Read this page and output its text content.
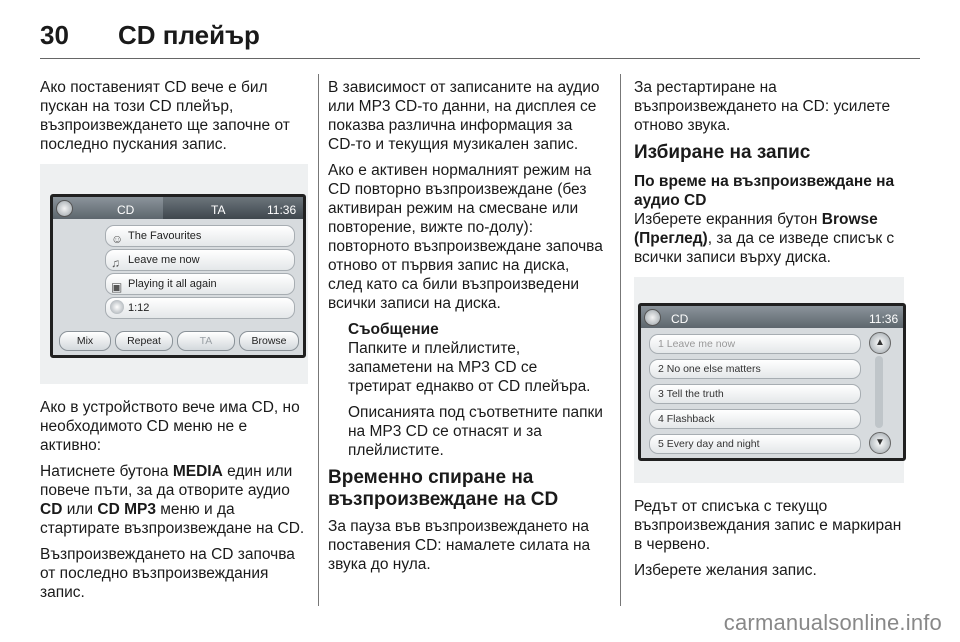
30 CD плейър

Ако поставеният CD вече е бил пускан на този CD плейър, възпроизвеждането ще започне от последно пускания запис.

CD	TA	11:36
☺ The Favourites
♫ Leave me now
▣ Playing it all again
1:12
Mix	Repeat	TA	Browse

Ако в устройството вече има CD, но необходимото CD меню не е активно:

Натиснете бутона MEDIA един или повече пъти, за да отворите аудио CD или CD MP3 меню и да стартирате възпроизвеждане на CD.

Възпроизвеждането на CD започва от последно възпроизвеждания запис.

В зависимост от записаните на аудио или MP3 CD-то данни, на дисплея се показва различна информация за CD-то и текущия музикален запис.

Ако е активен нормалният режим на CD повторно възпроизвеждане (без активиран режим на смесване или повторение, вижте по-долу): повторното възпроизвеждане започва отново от първия запис на диска, след като са били възпроизведени всички записи на диска.

Съобщение

Папките и плейлистите, запаметени на MP3 CD се третират еднакво от CD плейъра.

Описанията под съответните папки на MP3 CD се отнасят и за плейлистите.

Временно спиране на възпроизвеждане на CD

За пауза във възпроизвеждането на поставения CD: намалете силата на звука до нула.

За рестартиране на възпроизвеждането на CD: усилете отново звука.

Избиране на запис
По време на възпроизвеждане на аудио CD

Изберете екранния бутон Browse (Преглед), за да се изведе списък с всички записи върху диска.

CD	11:36
1 Leave me now
2 No one else matters
3 Tell the truth
4 Flashback
5 Every day and night
▲
▼

Редът от списъка с текущо възпроизвеждания запис е маркиран в червено.

Изберете желания запис.

carmanualsonline.info
